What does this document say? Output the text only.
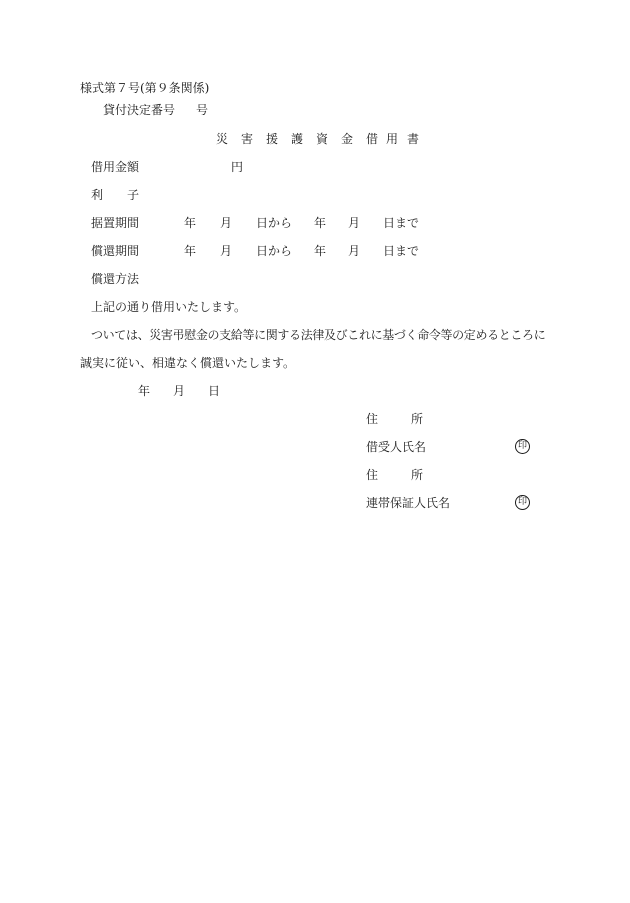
様式第７号(第９条関係)
貸付決定番号 号
災 害 援 護 資 金 借 用 書
借用金額	円
利 子
据置期間	年 月 日から 年 月 日まで
償還期間	年 月 日から 年 月 日まで
償還方法
上記の通り借用いたします。
ついては、災害弔慰金の支給等に関する法律及びこれに基づく命令等の定めるところに
誠実に従い、相違なく償還いたします。
年 月 日
住	所
借受人氏名	印
住	所
連帯保証人氏名	印
